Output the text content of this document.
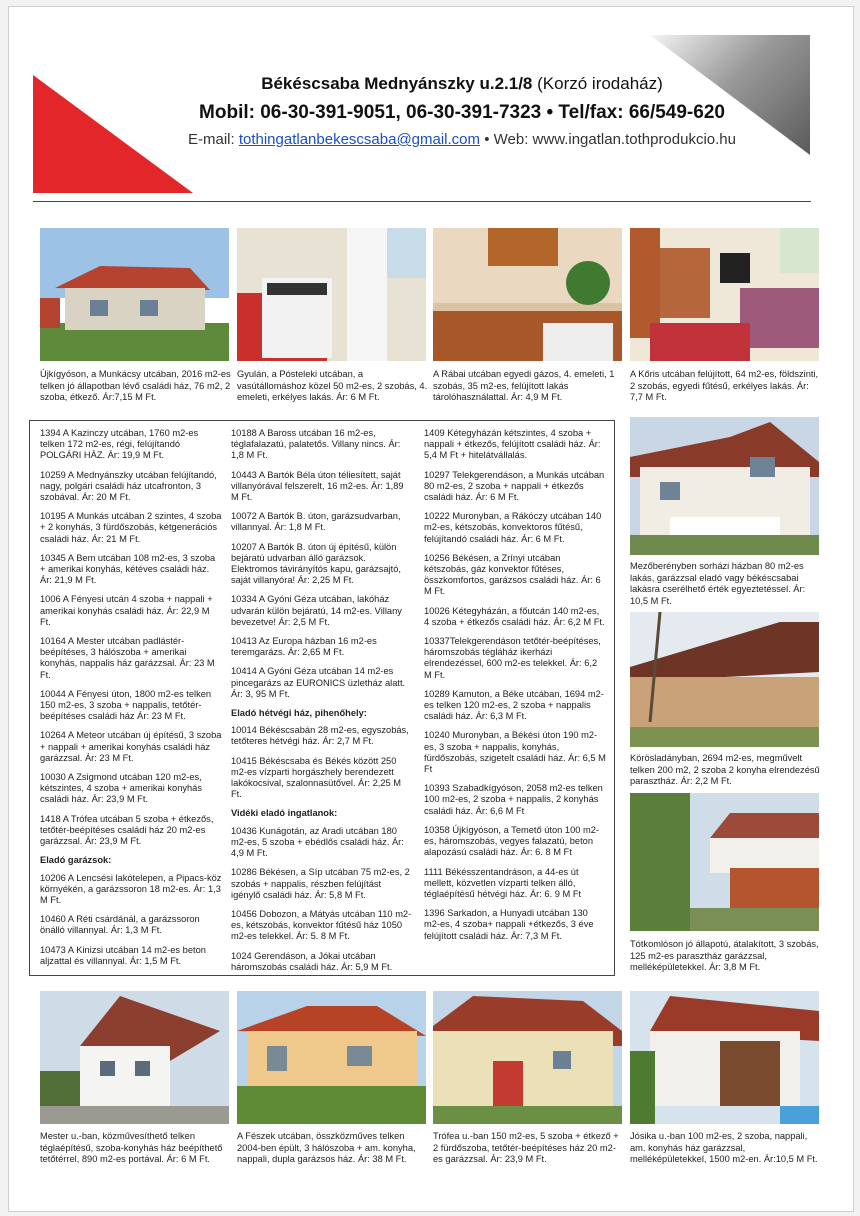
Békéscsaba Mednyánszky u.2.1/8 (Korzó irodaház)
Mobil: 06-30-391-9051, 06-30-391-7323 • Tel/fax: 66/549-620
E-mail: tothingatlanbekescsaba@gmail.com • Web: www.ingatlan.tothprodukcio.hu
Újkígyóson, a Munkácsy utcában, 2016 m2-es telken jó állapotban lévő családi ház, 76 m2, 2 szoba, étkező. Ár:7,15 M Ft.
Gyulán, a Pósteleki utcában, a vasútállomáshoz közel 50 m2-es, 2 szobás, 4. emeleti, erkélyes lakás. Ár: 6 M Ft.
A Rábai utcában egyedi gázos, 4. emeleti, 1 szobás, 35 m2-es, felújított lakás tárolóhasználattal. Ár: 4,9 M Ft.
A Kőris utcában felújított, 64 m2-es, földszinti, 2 szobás, egyedi fűtésű, erkélyes lakás. Ár: 7,7 M Ft.

1394 A Kazinczy utcában, 1760 m2-es telken 172 m2-es, régi, felújítandó POLGÁRI HÁZ. Ár: 19,9 M Ft.

10259 A Mednyánszky utcában felújítandó, nagy, polgári családi ház utcafronton, 3 szobával. Ár: 20 M Ft.

10195 A Munkás utcában 2 szintes, 4 szoba + 2 konyhás, 3 fürdőszobás, kétgenerációs családi ház. Ár: 21 M Ft.

10345 A Bem utcában 108 m2-es, 3 szoba + amerikai konyhás, kétéves családi ház. Ár: 21,9 M Ft.

1006 A Fényesi utcán 4 szoba + nappali + amerikai konyhás családi ház. Ár: 22,9 M Ft.

10164 A Mester utcában padlástér-beépítéses, 3 hálószoba + amerikai konyhás, nappalis ház garázzsal. Ár: 23 M Ft.

10044 A Fényesi úton, 1800 m2-es telken 150 m2-es, 3 szoba + nappalis, tetőtér-beépítéses családi ház Ár: 23 M Ft.

10264 A Meteor utcában új építésű, 3 szoba + nappali + amerikai konyhás családi ház garázzsal. Ár: 23 M Ft.

10030 A Zsigmond utcában 120 m2-es, kétszintes, 4 szoba + amerikai konyhás családi ház. Ár: 23,9 M Ft.

1418 A Trófea utcában 5 szoba + étkezős, tetőtér-beépítéses családi ház 20 m2-es garázzsal. Ár: 23,9 M Ft.

Eladó garázsok:

10206 A Lencsési lakótelepen, a Pipacs-köz környékén, a garázssoron 18 m2-es. Ár: 1,3 M Ft.

10460 A Réti csárdánál, a garázssoron önálló villannyal. Ár: 1,3 M Ft.

10473 A Kinizsi utcában 14 m2-es beton aljzattal és villannyal. Ár: 1,5 M Ft.

10188 A Baross utcában 16 m2-es, téglafalazatú, palatetős. Villany nincs. Ár: 1,8 M Ft.

10443 A Bartók Béla úton téliesített, saját villanyórával felszerelt, 16 m2-es. Ár: 1,89 M Ft.

10072 A Bartók B. úton, garázsudvarban, villannyal. Ár: 1,8 M Ft.

10207 A Bartók B. úton új építésű, külön bejáratú udvarban álló garázsok. Elektromos távirányítós kapu, garázsajtó, saját villanyóra! Ár: 2,25 M Ft.

10334 A Gyóni Géza utcában, lakóház udvarán külön bejáratú, 14 m2-es. Villany bevezetve! Ár: 2,5 M Ft.

10413 Az Europa házban 16 m2-es teremgarázs. Ár: 2,65 M Ft.

10414 A Gyóni Géza utcában 14 m2-es pincegarázs az EURONICS üzletház alatt. Ár: 3, 95 M Ft.

Eladó hétvégi ház, pihenőhely:

10014 Békéscsabán 28 m2-es, egyszobás, tetőteres hétvégi ház. Ár: 2,7 M Ft.

10415 Békéscsaba és Békés között 250 m2-es vízparti horgászhely berendezett lakókocsival, szalonnasütővel. Ár: 2,25 M Ft.

Vidéki eladó ingatlanok:

10436 Kunágotán, az Aradi utcában 180 m2-es, 5 szoba + ebédlős családi ház. Ár: 4,9 M Ft.

10286 Békésen, a Síp utcában 75 m2-es, 2 szobás + nappalis, részben felújítást igénylő családi ház. Ár: 5,8 M Ft.

10456 Dobozon, a Mátyás utcában 110 m2-es, kétszobás, konvektor fűtésű ház 1050 m2-es telekkel. Ár: 5. 8 M Ft.

1024 Gerendáson, a Jókai utcában háromszobás családi ház. Ár: 5,9 M Ft.

1409 Kétegyházán kétszintes, 4 szoba + nappali + étkezős, felújított családi ház. Ár: 5,4 M Ft + hitelátvállalás.

10297 Telekgerendáson, a Munkás utcában 80 m2-es, 2 szoba + nappali + étkezős családi ház. Ár: 6 M Ft.

10222 Muronyban, a Rákóczy utcában 140 m2-es, kétszobás, konvektoros fűtésű, felújítandó családi ház. Ár: 6 M Ft.

10256 Békésen, a Zrínyi utcában kétszobás, gáz konvektor fűtéses, összkomfortos, garázsos családi ház. Ár: 6 M Ft.

10026 Kétegyházán, a főutcán 140 m2-es, 4 szoba + étkezős családi ház. Ár: 6,2 M Ft.

10337Telekgerendáson tetőtér-beépítéses, háromszobás tégláház ikerházi elrendezéssel, 600 m2-es telekkel. Ár: 6,2 M Ft.

10289 Kamuton, a Béke utcában, 1694 m2-es telken 120 m2-es, 2 szoba + nappalis családi ház. Ár: 6,3 M Ft.

10240 Muronyban, a Békési úton 190 m2-es, 3 szoba + nappalis, konyhás, fürdőszobás, szigetelt családi ház. Ár: 6,5 M Ft

10393 Szabadkígyóson, 2058 m2-es telken 100 m2-es, 2 szoba + nappalis, 2 konyhás családi ház. Ár: 6,6 M Ft

10358 Újkígyóson, a Temető úton 100 m2-es, háromszobás, vegyes falazatú, beton alapozású családi ház. Ár: 6. 8 M Ft

1111 Békésszentandráson, a 44-es út mellett, közvetlen vízparti telken álló, téglaépítésű hétvégi ház. Ár: 6. 9 M Ft

1396 Sarkadon, a Hunyadi utcában 130 m2-es, 4 szoba+ nappali +étkezős, 3 éve felújított családi ház. Ár: 7,3 M Ft.

Mezőberényben sorházi házban 80 m2-es lakás, garázzsal eladó vagy békéscsabai lakásra cserélhető érték egyeztetéssel. Ár: 10,5 M Ft.
Körösladányban, 2694 m2-es, megművelt telken 200 m2, 2 szoba 2 konyha elrendezésű parasztház. Ár: 2,2 M Ft.
Tótkomlóson jó állapotú, átalakított, 3 szobás, 125 m2-es parasztház garázzsal, melléképületekkel. Ár: 3,8 M Ft.
Mester u.-ban, közművesíthető telken téglaépítésű, szoba-konyhás ház beépíthető tetőtérrel, 890 m2-es portával. Ár: 6 M Ft.
A Fészek utcában, összközműves telken 2004-ben épült, 3 hálószoba + am. konyha, nappali, dupla garázsos ház. Ár: 38 M Ft.
Trófea u.-ban 150 m2-es, 5 szoba + étkező + 2 fürdőszoba, tetőtér-beépítéses ház 20 m2-es garázzsal. Ár: 23,9 M Ft.
Jósika u.-ban 100 m2-es, 2 szoba, nappali, am. konyhás ház garázzsal, melléképületekkel, 1500 m2-en. Ár:10,5 M Ft.
